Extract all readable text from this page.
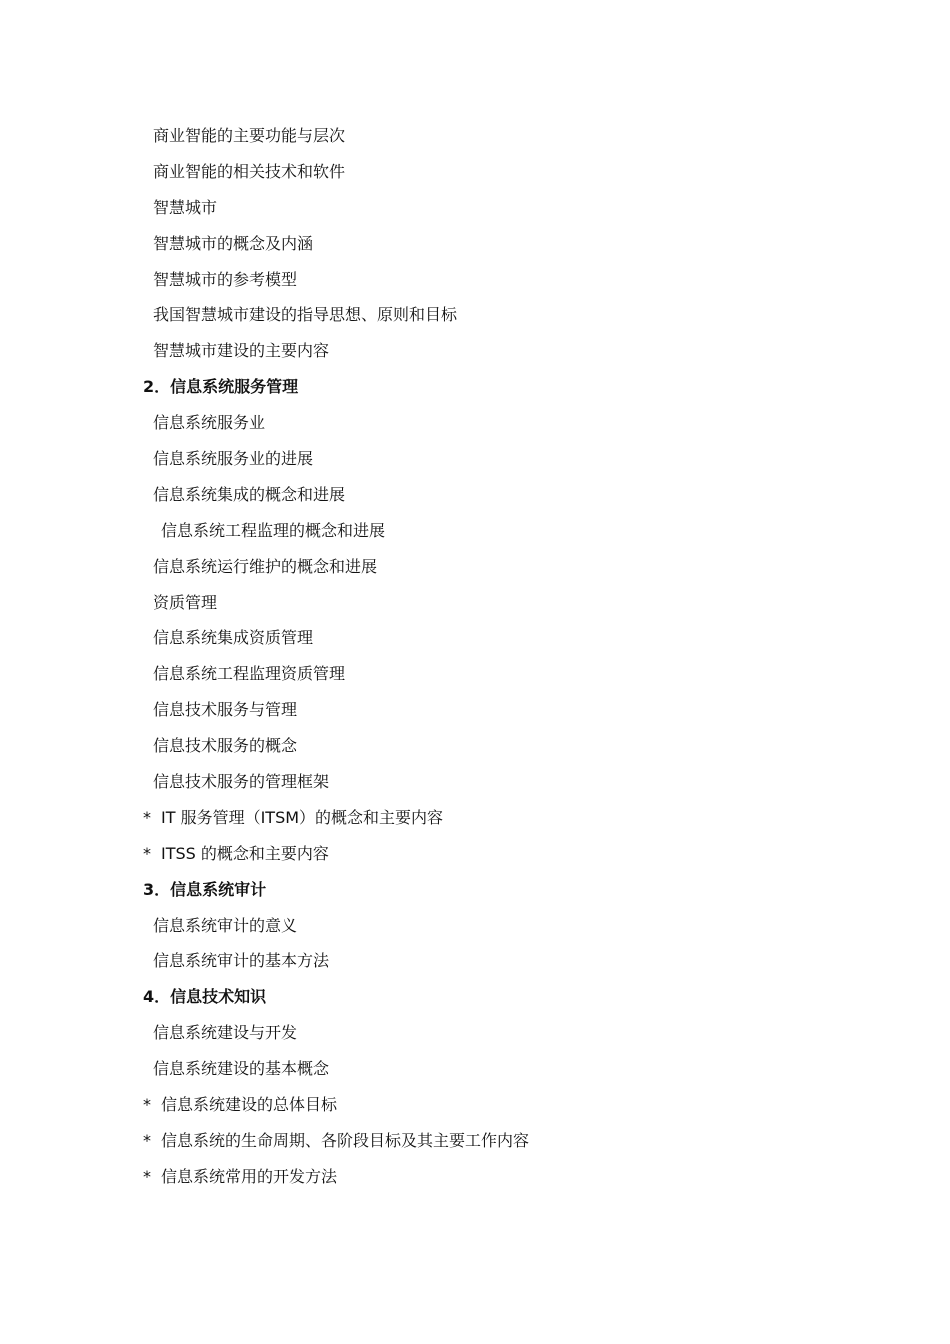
商业智能的主要功能与层次
商业智能的相关技术和软件
智慧城市
智慧城市的概念及内涵
智慧城市的参考模型
我国智慧城市建设的指导思想、原则和目标
智慧城市建设的主要内容
2．信息系统服务管理
信息系统服务业
信息系统服务业的进展
信息系统集成的概念和进展
信息系统工程监理的概念和进展
信息系统运行维护的概念和进展
资质管理
信息系统集成资质管理
信息系统工程监理资质管理
信息技术服务与管理
信息技术服务的概念
信息技术服务的管理框架
* IT 服务管理（ITSM）的概念和主要内容
* ITSS 的概念和主要内容
3．信息系统审计
信息系统审计的意义
信息系统审计的基本方法
4．信息技术知识
信息系统建设与开发
信息系统建设的基本概念
* 信息系统建设的总体目标
* 信息系统的生命周期、各阶段目标及其主要工作内容
* 信息系统常用的开发方法
